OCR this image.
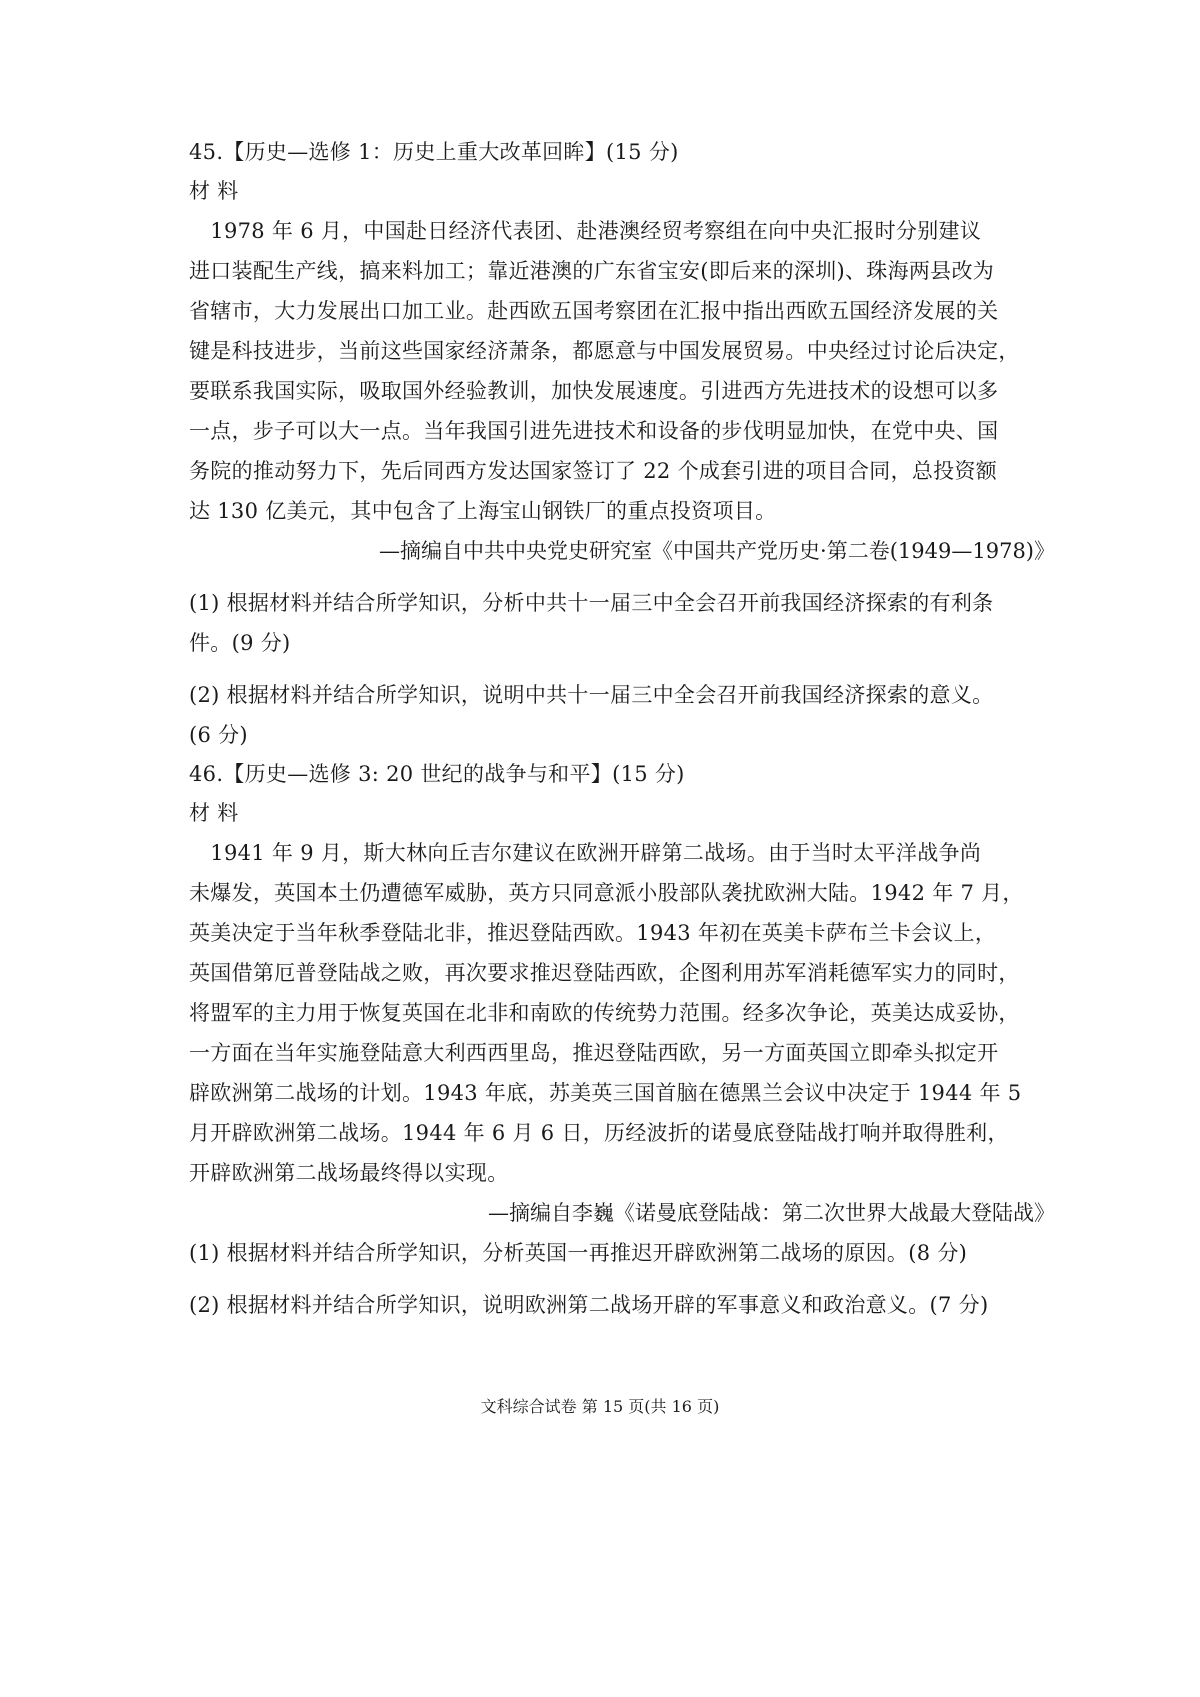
45.【历史—选修 1：历史上重大改革回眸】(15 分)
材 料
　1978 年 6 月，中国赴日经济代表团、赴港澳经贸考察组在向中央汇报时分别建议
进口装配生产线，搞来料加工；靠近港澳的广东省宝安(即后来的深圳)、珠海两县改为
省辖市，大力发展出口加工业。赴西欧五国考察团在汇报中指出西欧五国经济发展的关
键是科技进步，当前这些国家经济萧条，都愿意与中国发展贸易。中央经过讨论后决定，
要联系我国实际，吸取国外经验教训，加快发展速度。引进西方先进技术的设想可以多
一点，步子可以大一点。当年我国引进先进技术和设备的步伐明显加快，在党中央、国
务院的推动努力下，先后同西方发达国家签订了 22 个成套引进的项目合同，总投资额
达 130 亿美元，其中包含了上海宝山钢铁厂的重点投资项目。
—摘编自中共中央党史研究室《中国共产党历史·第二卷(1949—1978)》
(1) 根据材料并结合所学知识，分析中共十一届三中全会召开前我国经济探索的有利条
件。(9 分)
(2) 根据材料并结合所学知识，说明中共十一届三中全会召开前我国经济探索的意义。
(6 分)
46.【历史—选修 3: 20 世纪的战争与和平】(15 分)
材 料
　1941 年 9 月，斯大林向丘吉尔建议在欧洲开辟第二战场。由于当时太平洋战争尚
未爆发，英国本土仍遭德军威胁，英方只同意派小股部队袭扰欧洲大陆。1942 年 7 月，
英美决定于当年秋季登陆北非，推迟登陆西欧。1943 年初在英美卡萨布兰卡会议上，
英国借第厄普登陆战之败，再次要求推迟登陆西欧，企图利用苏军消耗德军实力的同时，
将盟军的主力用于恢复英国在北非和南欧的传统势力范围。经多次争论，英美达成妥协，
一方面在当年实施登陆意大利西西里岛，推迟登陆西欧，另一方面英国立即牵头拟定开
辟欧洲第二战场的计划。1943 年底，苏美英三国首脑在德黑兰会议中决定于 1944 年 5
月开辟欧洲第二战场。1944 年 6 月 6 日，历经波折的诺曼底登陆战打响并取得胜利，
开辟欧洲第二战场最终得以实现。
—摘编自李巍《诺曼底登陆战：第二次世界大战最大登陆战》
(1) 根据材料并结合所学知识，分析英国一再推迟开辟欧洲第二战场的原因。(8 分)
(2) 根据材料并结合所学知识，说明欧洲第二战场开辟的军事意义和政治意义。(7 分)
文科综合试卷 第 15 页(共 16 页)
